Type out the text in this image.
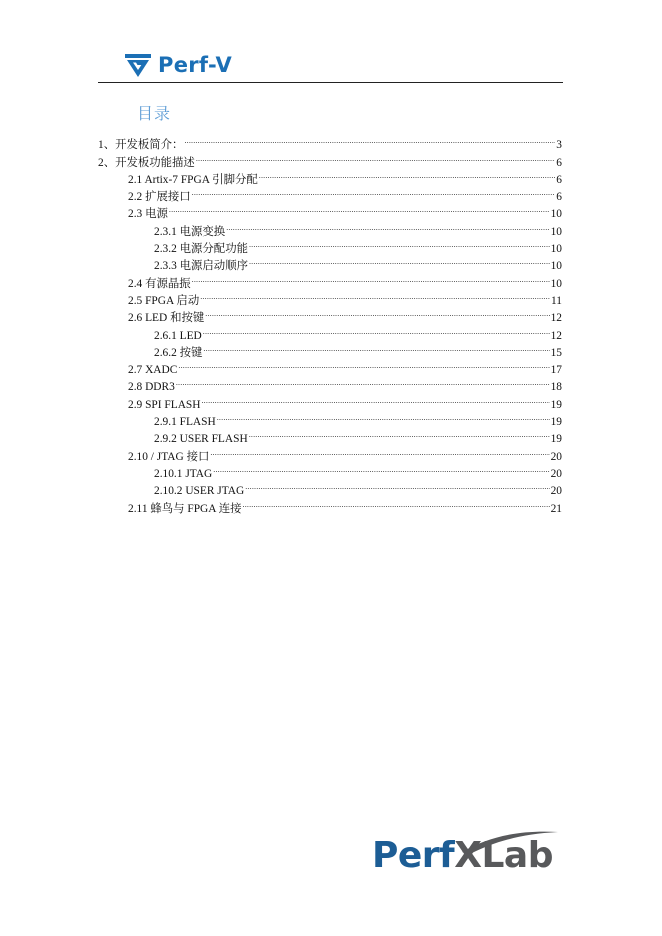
Perf-V
目录
1、开发板简介： .....	3
2、开发板功能描述 .....	6
2.1 Artix-7 FPGA 引脚分配 .....	6
2.2 扩展接口 .....	6
2.3 电源 .....	10
2.3.1 电源变换 .....	10
2.3.2 电源分配功能 .....	10
2.3.3 电源启动顺序 .....	10
2.4 有源晶振 .....	10
2.5 FPGA 启动 .....	11
2.6 LED 和按键 .....	12
2.6.1 LED .....	12
2.6.2 按键 .....	15
2.7 XADC .....	17
2.8 DDR3 .....	18
2.9 SPI FLASH .....	19
2.9.1 FLASH .....	19
2.9.2 USER FLASH .....	19
2.10 / JTAG 接口 .....	20
2.10.1 JTAG .....	20
2.10.2 USER JTAG .....	20
2.11 蜂鸟与 FPGA 连接 .....	21
PerfXLab
